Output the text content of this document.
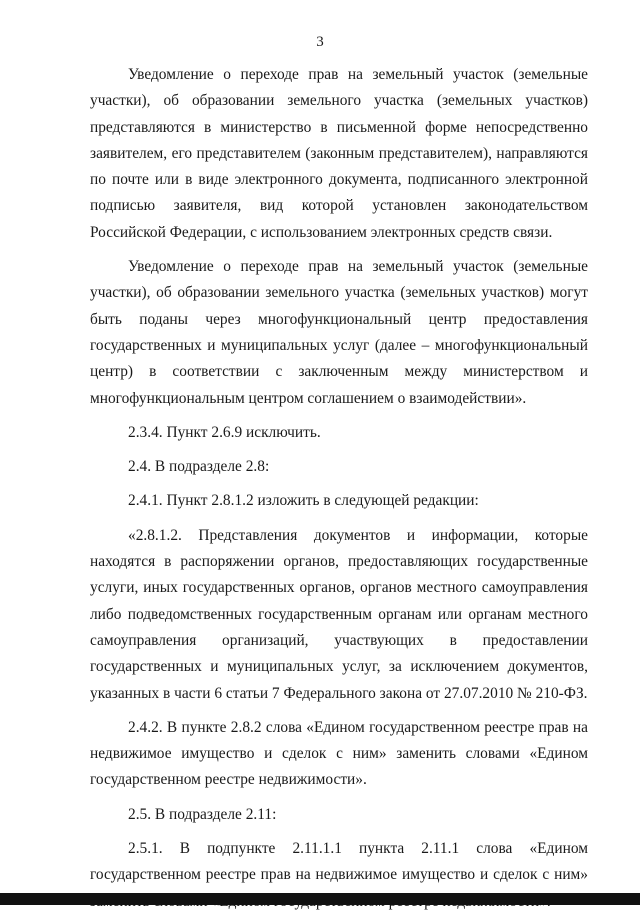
3

Уведомление о переходе прав на земельный участок (земельные участки), об образовании земельного участка (земельных участков) представляются в министерство в письменной форме непосредственно заявителем, его представителем (законным представителем), направляются по почте или в виде электронного документа, подписанного электронной подписью заявителя, вид которой установлен законодательством Российской Федерации, с использованием электронных средств связи.

Уведомление о переходе прав на земельный участок (земельные участки), об образовании земельного участка (земельных участков) могут быть поданы через многофункциональный центр предоставления государственных и муниципальных услуг (далее – многофункциональный центр) в соответствии с заключенным между министерством и многофункциональным центром соглашением о взаимодействии».

2.3.4. Пункт 2.6.9 исключить.

2.4. В подразделе 2.8:

2.4.1. Пункт 2.8.1.2 изложить в следующей редакции:

«2.8.1.2. Представления документов и информации, которые находятся в распоряжении органов, предоставляющих государственные услуги, иных государственных органов, органов местного самоуправления либо подведомственных государственным органам или органам местного самоуправления организаций, участвующих в предоставлении государственных и муниципальных услуг, за исключением документов, указанных в части 6 статьи 7 Федерального закона от 27.07.2010 № 210-ФЗ.

2.4.2. В пункте 2.8.2 слова «Едином государственном реестре прав на недвижимое имущество и сделок с ним» заменить словами «Едином государственном реестре недвижимости».

2.5. В подразделе 2.11:

2.5.1. В подпункте 2.11.1.1 пункта 2.11.1 слова «Едином государственном реестре прав на недвижимое имущество и сделок с ним»
